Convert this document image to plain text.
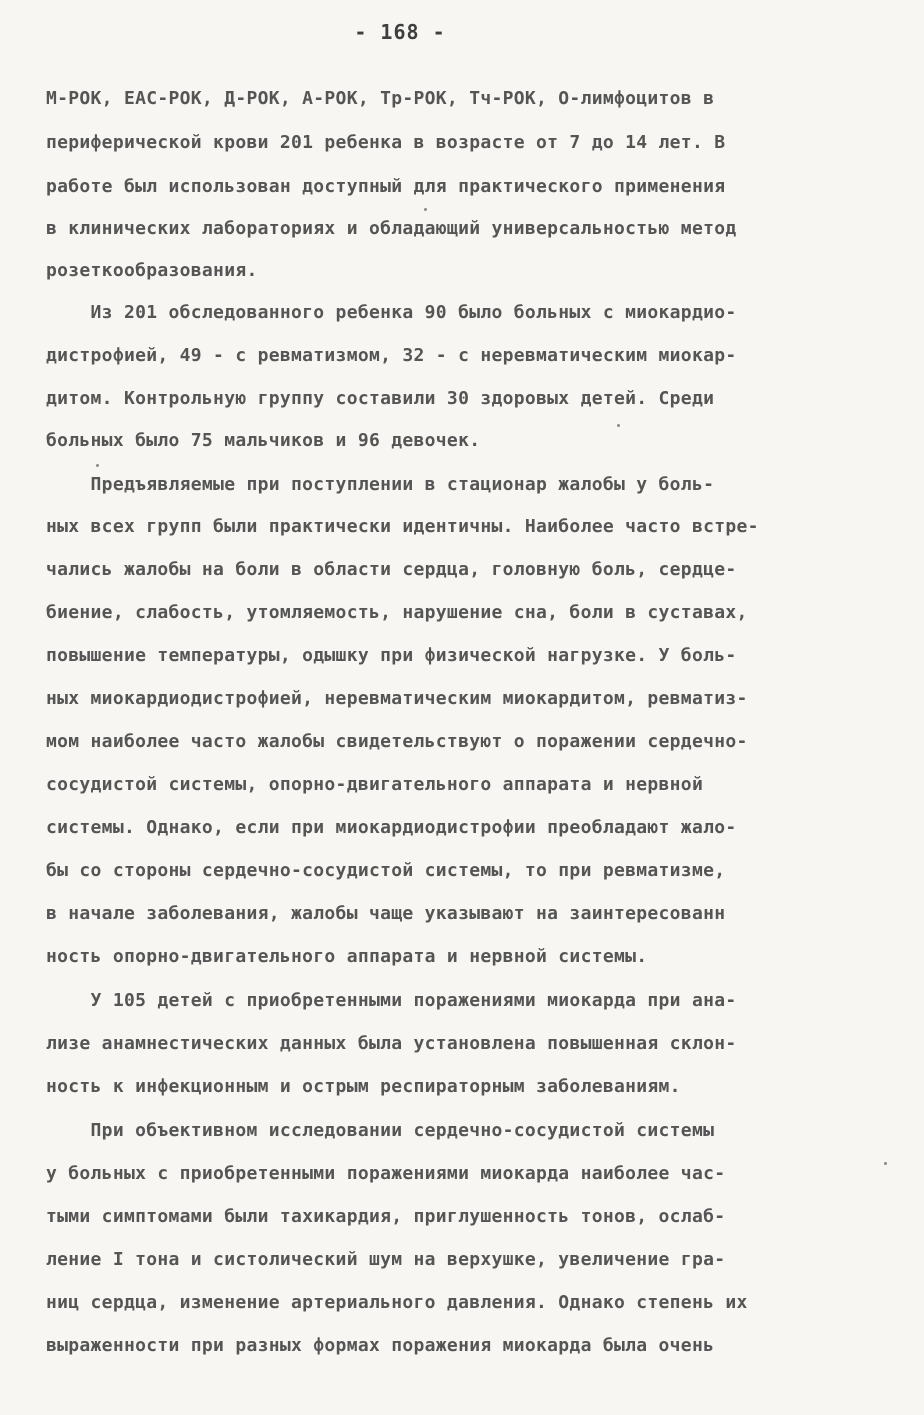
- 168 -
М-РОК, ЕАС-РОК, Д-РОК, А-РОК, Тр-РОК, Тч-РОК, О-лимфоцитов в
периферической крови 201 ребенка в возрасте от 7 до 14 лет. В
работе был использован доступный для практического применения
в клинических лабораториях и обладающий универсальностью метод
розеткообразования.
Из 201 обследованного ребенка 90 было больных с миокардио-
дистрофией, 49 - с ревматизмом, 32 - с неревматическим миокар-
дитом. Контрольную группу составили 30 здоровых детей. Среди
больных было 75 мальчиков и 96 девочек.
Предъявляемые при поступлении в стационар жалобы у боль-
ных всех групп были практически идентичны. Наиболее часто встре-
чались жалобы на боли в области сердца, головную боль, сердце-
биение, слабость, утомляемость, нарушение сна, боли в суставах,
повышение температуры, одышку при физической нагрузке. У боль-
ных миокардиодистрофией, неревматическим миокардитом, ревматиз-
мом наиболее часто жалобы свидетельствуют о поражении сердечно-
сосудистой системы, опорно-двигательного аппарата и нервной
системы. Однако, если при миокардиодистрофии преобладают жало-
бы со стороны сердечно-сосудистой системы, то при ревматизме,
в начале заболевания, жалобы чаще указывают на заинтересованн
ность опорно-двигательного аппарата и нервной системы.
У 105 детей с приобретенными поражениями миокарда при ана-
лизе анамнестических данных была установлена повышенная склон-
ность к инфекционным и острым респираторным заболеваниям.
При объективном исследовании сердечно-сосудистой системы
у больных с приобретенными поражениями миокарда наиболее час-
тыми симптомами были тахикардия, приглушенность тонов, ослаб-
ление I тона и систолический шум на верхушке, увеличение гра-
ниц сердца, изменение артериального давления. Однако степень их
выраженности при разных формах поражения миокарда была очень
